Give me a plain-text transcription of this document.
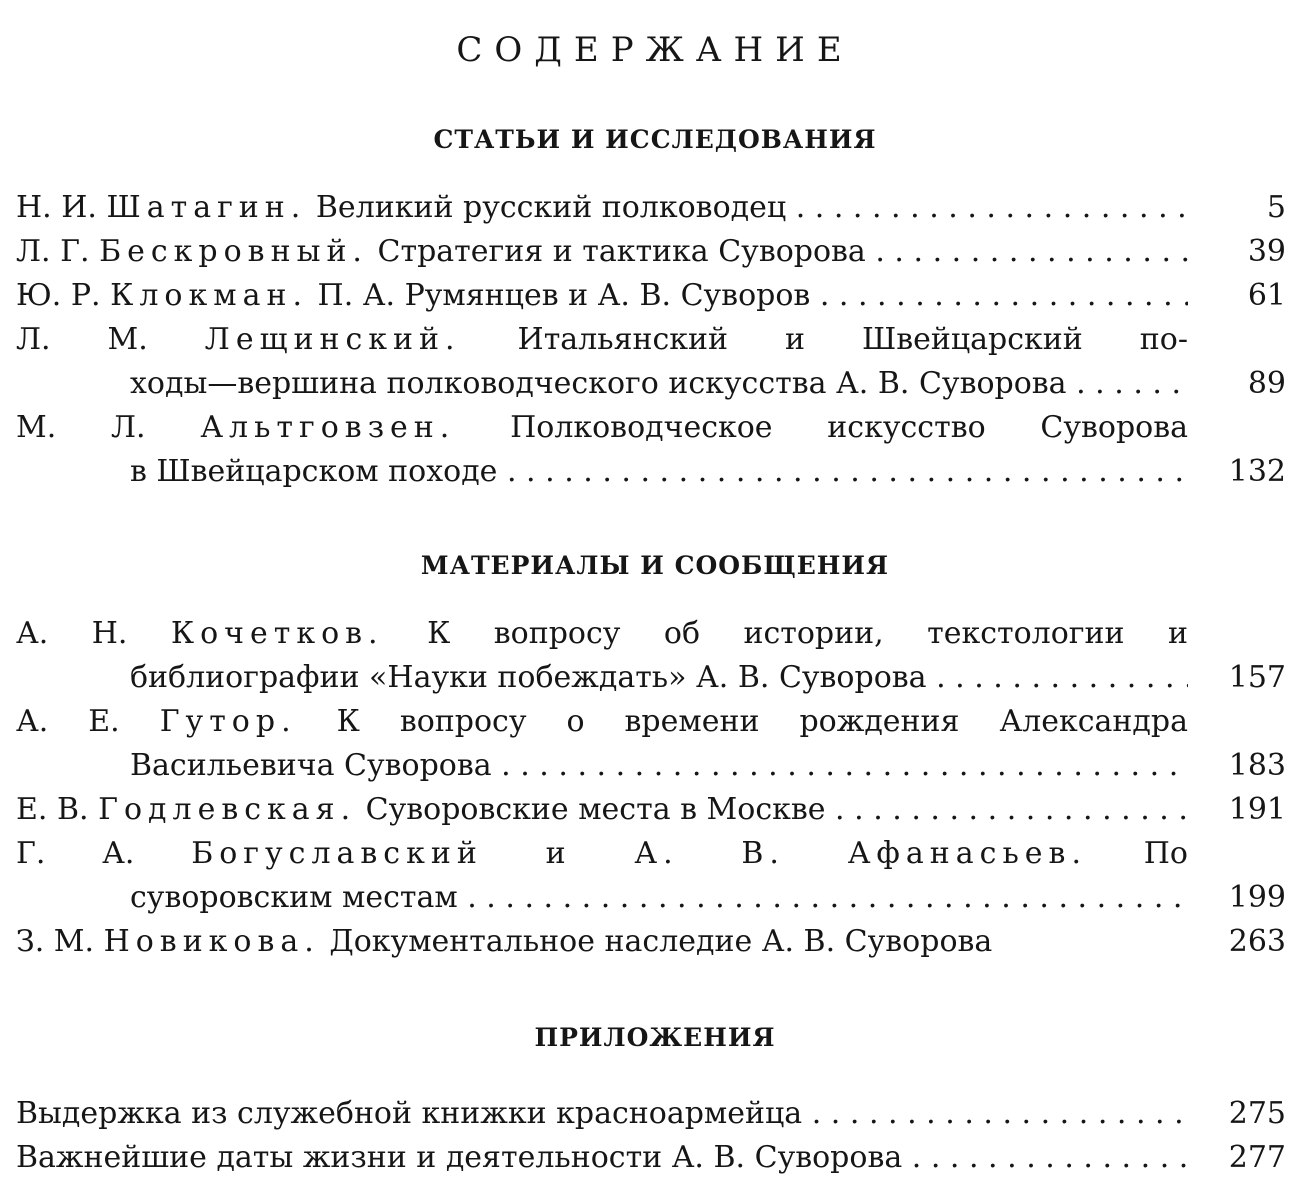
СОДЕРЖАНИЕ
СТАТЬИ И ИССЛЕДОВАНИЯ
Н. И. Шатагин. Великий русский полководец . . .	5
Л. Г. Бескровный. Стратегия и тактика Суворова . . .	39
Ю. Р. Клокман. П. А. Румянцев и А. В. Суворов . . .	61
Л. М. Лещинский. Итальянский и Швейцарский по-
ходы—вершина полководческого искусства А. В. Суворова . . .	89
М. Л. Альтговзен. Полководческое искусство Суворова
в Швейцарском походе . . .	132
МАТЕРИАЛЫ И СООБЩЕНИЯ
А. Н. Кочетков. К вопросу об истории, текстологии и
библиографии «Науки побеждать» А. В. Суворова . . .	157
А. Е. Гутор. К вопросу о времени рождения Александра
Васильевича Суворова . . .	183
Е. В. Годлевская. Суворовские места в Москве . . .	191
Г. А. Богуславский и А. В. Афанасьев. По
суворовским местам . . .	199
З. М. Новикова. Документальное наследие А. В. Суворова	263
ПРИЛОЖЕНИЯ
Выдержка из служебной книжки красноармейца . . .	275
Важнейшие даты жизни и деятельности А. В. Суворова . . .	277
